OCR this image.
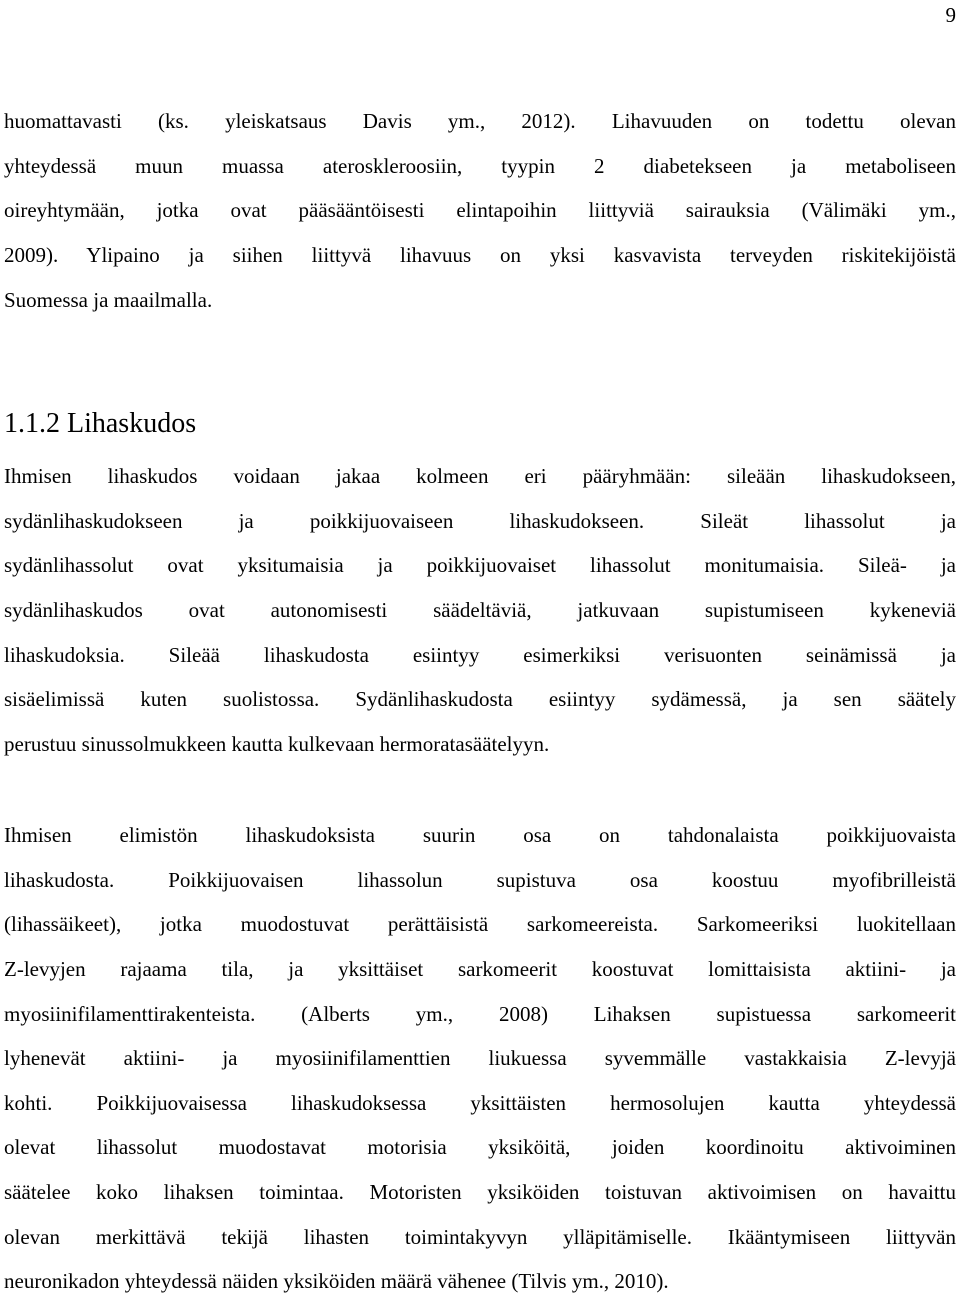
9
huomattavasti (ks. yleiskatsaus Davis ym., 2012). Lihavuuden on todettu olevan
yhteydessä muun muassa ateroskleroosiin, tyypin 2 diabetekseen ja metaboliseen
oireyhtymään, jotka ovat pääsääntöisesti elintapoihin liittyviä sairauksia (Välimäki ym.,
2009). Ylipaino ja siihen liittyvä lihavuus on yksi kasvavista terveyden riskitekijöistä
Suomessa ja maailmalla.
1.1.2 Lihaskudos
Ihmisen lihaskudos voidaan jakaa kolmeen eri pääryhmään: sileään lihaskudokseen,
sydänlihaskudokseen ja poikkijuovaiseen lihaskudokseen. Sileät lihassolut ja
sydänlihassolut ovat yksitumaisia ja poikkijuovaiset lihassolut monitumaisia. Sileä- ja
sydänlihaskudos ovat autonomisesti säädeltäviä, jatkuvaan supistumiseen kykeneviä
lihaskudoksia. Sileää lihaskudosta esiintyy esimerkiksi verisuonten seinämissä ja
sisäelimissä kuten suolistossa. Sydänlihaskudosta esiintyy sydämessä, ja sen säätely
perustuu sinussolmukkeen kautta kulkevaan hermoratasäätelyyn.
Ihmisen elimistön lihaskudoksista suurin osa on tahdonalaista poikkijuovaista
lihaskudosta. Poikkijuovaisen lihassolun supistuva osa koostuu myofibrilleistä
(lihassäikeet), jotka muodostuvat perättäisistä sarkomeereista. Sarkomeeriksi luokitellaan
Z-levyjen rajaama tila, ja yksittäiset sarkomeerit koostuvat lomittaisista aktiini- ja
myosiinifilamenttirakenteista. (Alberts ym., 2008) Lihaksen supistuessa sarkomeerit
lyhenevät aktiini- ja myosiinifilamenttien liukuessa syvemmälle vastakkaisia Z-levyjä
kohti. Poikkijuovaisessa lihaskudoksessa yksittäisten hermosolujen kautta yhteydessä
olevat lihassolut muodostavat motorisia yksiköitä, joiden koordinoitu aktivoiminen
säätelee koko lihaksen toimintaa. Motoristen yksiköiden toistuvan aktivoimisen on havaittu
olevan merkittävä tekijä lihasten toimintakyvyn ylläpitämiselle. Ikääntymiseen liittyvän
neuronikadon yhteydessä näiden yksiköiden määrä vähenee (Tilvis ym., 2010).
